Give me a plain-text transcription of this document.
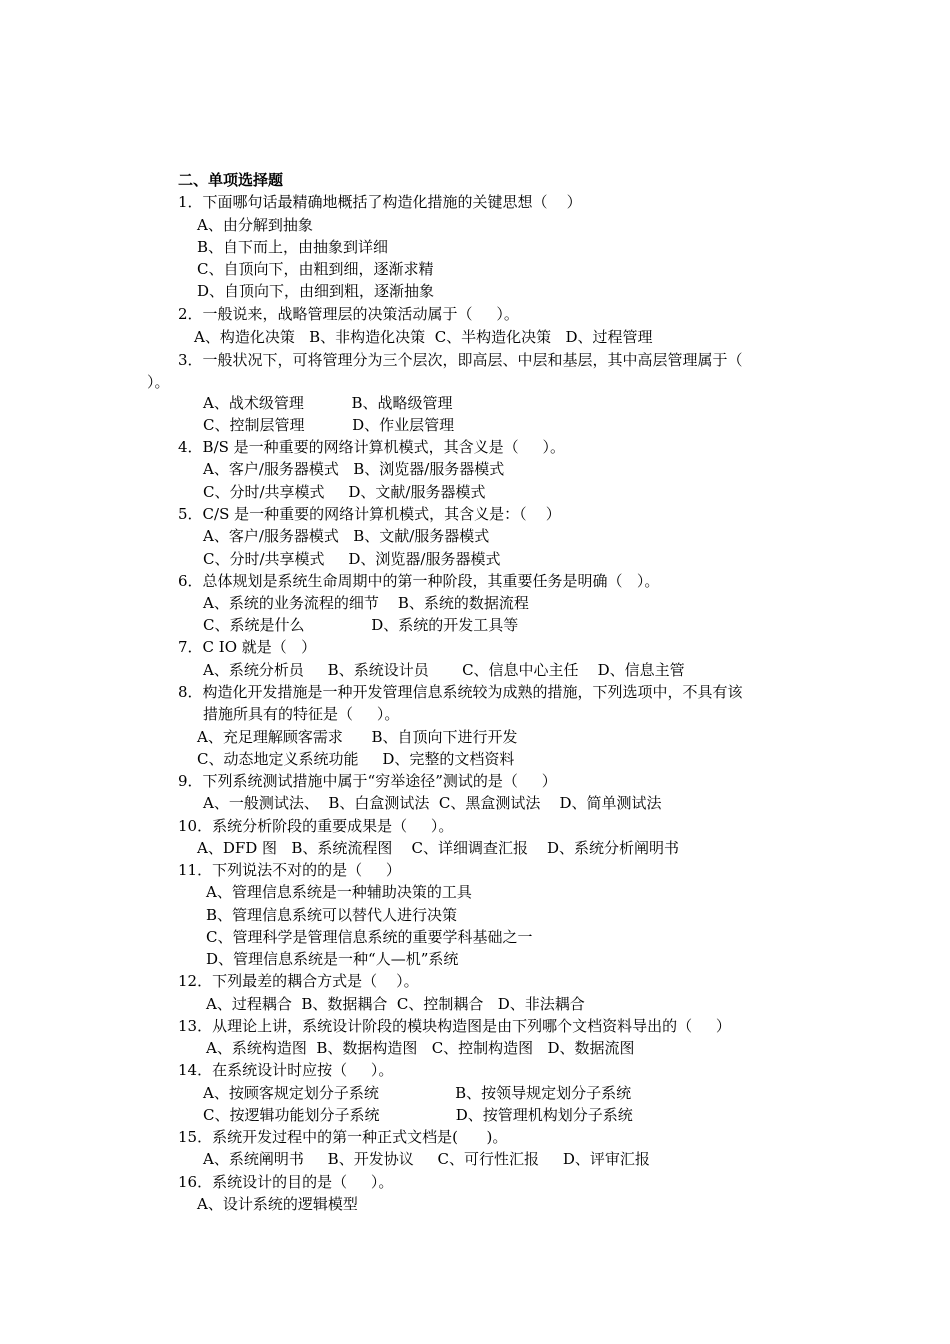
二、单项选择题
1．下面哪句话最精确地概括了构造化措施的关键思想（    ）
A、由分解到抽象
B、自下而上，由抽象到详细
C、自顶向下，由粗到细，逐渐求精
D、自顶向下，由细到粗，逐渐抽象
2．一般说来，战略管理层的决策活动属于（     ）。
A、构造化决策   B、非构造化决策  C、半构造化决策   D、过程管理
3．一般状况下，可将管理分为三个层次，即高层、中层和基层，其中高层管理属于（
）。
A、战术级管理          B、战略级管理
C、控制层管理          D、作业层管理
4．B/S 是一种重要的网络计算机模式，其含义是（     ）。
A、客户/服务器模式   B、浏览器/服务器模式
C、分时/共享模式     D、文献/服务器模式
5．C/S 是一种重要的网络计算机模式，其含义是：（    ）
A、客户/服务器模式   B、文献/服务器模式
C、分时/共享模式     D、浏览器/服务器模式
6．总体规划是系统生命周期中的第一种阶段，其重要任务是明确（   ）。
A、系统的业务流程的细节    B、系统的数据流程
C、系统是什么              D、系统的开发工具等
7．C IO 就是（   ）
A、系统分析员     B、系统设计员       C、信息中心主任    D、信息主管
8．构造化开发措施是一种开发管理信息系统较为成熟的措施，下列选项中，不具有该
措施所具有的特征是（     ）。
A、充足理解顾客需求      B、自顶向下进行开发
C、动态地定义系统功能     D、完整的文档资料
9．下列系统测试措施中属于“穷举途径”测试的是（     ）
A、一般测试法、  B、白盒测试法  C、黑盒测试法    D、简单测试法
10．系统分析阶段的重要成果是（     ）。
A、DFD 图   B、系统流程图    C、详细调查汇报    D、系统分析阐明书
11．下列说法不对的的是（     ）
A、管理信息系统是一种辅助决策的工具
B、管理信息系统可以替代人进行决策
C、管理科学是管理信息系统的重要学科基础之一
D、管理信息系统是一种“人—机”系统
12．下列最差的耦合方式是（    ）。
A、过程耦合  B、数据耦合  C、控制耦合   D、非法耦合
13．从理论上讲，系统设计阶段的模块构造图是由下列哪个文档资料导出的（     ）
A、系统构造图  B、数据构造图   C、控制构造图   D、数据流图
14．在系统设计时应按（     ）。
A、按顾客规定划分子系统                B、按领导规定划分子系统
C、按逻辑功能划分子系统                D、按管理机构划分子系统
15．系统开发过程中的第一种正式文档是(      )。
A、系统阐明书     B、开发协议     C、可行性汇报     D、评审汇报
16．系统设计的目的是（     ）。
A、设计系统的逻辑模型
